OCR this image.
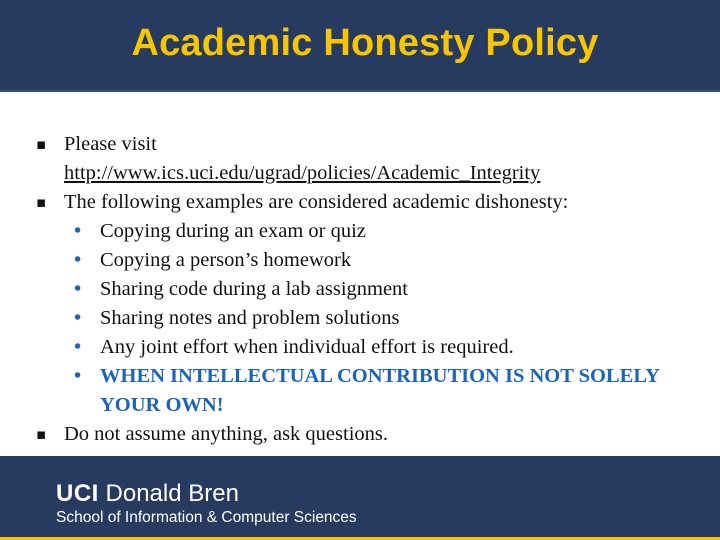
Academic Honesty Policy
▪ Please visit
http://www.ics.uci.edu/ugrad/policies/Academic_Integrity
▪ The following examples are considered academic dishonesty:
• Copying during an exam or quiz
• Copying a person’s homework
• Sharing code during a lab assignment
• Sharing notes and problem solutions
• Any joint effort when individual effort is required.
• WHEN INTELLECTUAL CONTRIBUTION IS NOT SOLELY YOUR OWN!
▪ Do not assume anything, ask questions.
UCI Donald Bren
School of Information & Computer Sciences
